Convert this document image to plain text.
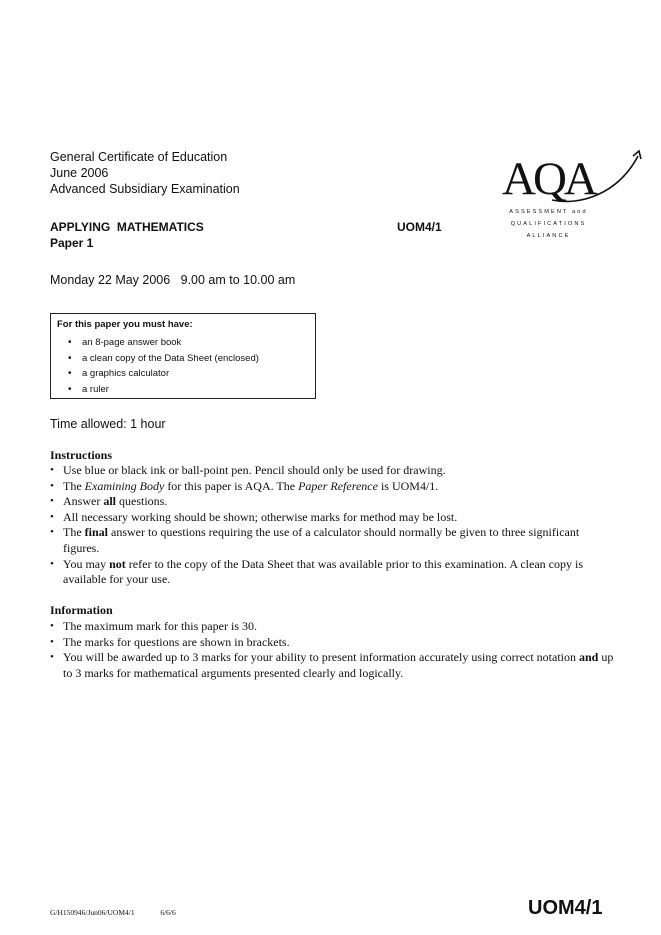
General Certificate of Education
June 2006
Advanced Subsidiary Examination	AQA
ASSESSMENT and
QUALIFICATIONS
ALLIANCE
APPLYING  MATHEMATICS
Paper 1
UOM4/1
Monday 22 May 2006   9.00 am to 10.00 am
For this paper you must have:
• an 8-page answer book
• a clean copy of the Data Sheet (enclosed)
• a graphics calculator
• a ruler
Time allowed: 1 hour
Instructions
• Use blue or black ink or ball-point pen. Pencil should only be used for drawing.
• The Examining Body for this paper is AQA. The Paper Reference is UOM4/1.
• Answer all questions.
• All necessary working should be shown; otherwise marks for method may be lost.
• The final answer to questions requiring the use of a calculator should normally be given to three significant figures.
• You may not refer to the copy of the Data Sheet that was available prior to this examination. A clean copy is available for your use.
Information
• The maximum mark for this paper is 30.
• The marks for questions are shown in brackets.
• You will be awarded up to 3 marks for your ability to present information accurately using correct notation and up to 3 marks for mathematical arguments presented clearly and logically.
G/H150946/Jun06/UOM4/1	6/6/6	UOM4/1
